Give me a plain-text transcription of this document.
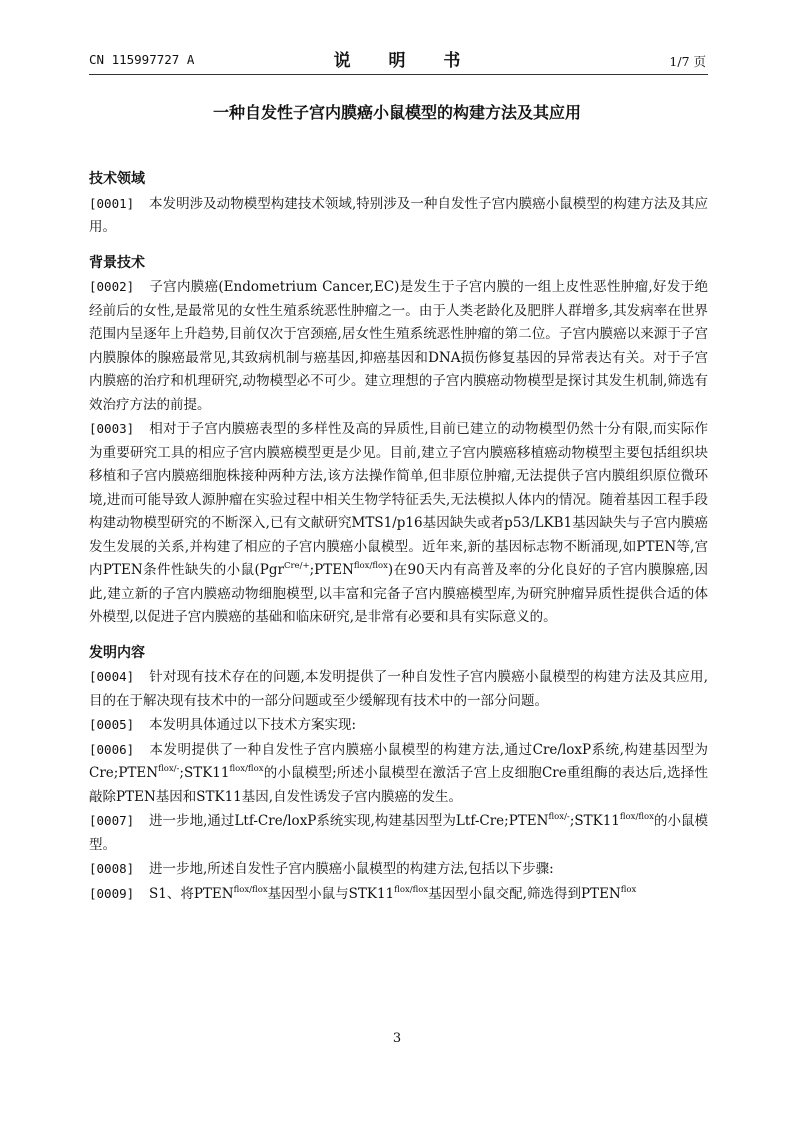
CN 115997727 A	说 明 书	1/7 页
一种自发性子宫内膜癌小鼠模型的构建方法及其应用

技术领域

[0001] 本发明涉及动物模型构建技术领域,特别涉及一种自发性子宫内膜癌小鼠模型的构建方法及其应用。

背景技术

[0002] 子宫内膜癌(Endometrium Cancer,EC)是发生于子宫内膜的一组上皮性恶性肿瘤,好发于绝经前后的女性,是最常见的女性生殖系统恶性肿瘤之一。由于人类老龄化及肥胖人群增多,其发病率在世界范围内呈逐年上升趋势,目前仅次于宫颈癌,居女性生殖系统恶性肿瘤的第二位。子宫内膜癌以来源于子宫内膜腺体的腺癌最常见,其致病机制与癌基因,抑癌基因和DNA损伤修复基因的异常表达有关。对于子宫内膜癌的治疗和机理研究,动物模型必不可少。建立理想的子宫内膜癌动物模型是探讨其发生机制,筛选有效治疗方法的前提。

[0003] 相对于子宫内膜癌表型的多样性及高的异质性,目前已建立的动物模型仍然十分有限,而实际作为重要研究工具的相应子宫内膜癌模型更是少见。目前,建立子宫内膜癌移植癌动物模型主要包括组织块移植和子宫内膜癌细胞株接种两种方法,该方法操作简单,但非原位肿瘤,无法提供子宫内膜组织原位微环境,进而可能导致人源肿瘤在实验过程中相关生物学特征丢失,无法模拟人体内的情况。随着基因工程手段构建动物模型研究的不断深入,已有文献研究MTS1/p16基因缺失或者p53/LKB1基因缺失与子宫内膜癌发生发展的关系,并构建了相应的子宫内膜癌小鼠模型。近年来,新的基因标志物不断涌现,如PTEN等,宫内PTEN条件性缺失的小鼠$(Pgr^{Cre/+};PTEN^{flox/flox})$在90天内有高普及率的分化良好的子宫内膜腺癌,因此,建立新的子宫内膜癌动物细胞模型,以丰富和完备子宫内膜癌模型库,为研究肿瘤异质性提供合适的体外模型,以促进子宫内膜癌的基础和临床研究,是非常有必要和具有实际意义的。

发明内容

[0004] 针对现有技术存在的问题,本发明提供了一种自发性子宫内膜癌小鼠模型的构建方法及其应用,目的在于解决现有技术中的一部分问题或至少缓解现有技术中的一部分问题。

[0005] 本发明具体通过以下技术方案实现:

[0006] 本发明提供了一种自发性子宫内膜癌小鼠模型的构建方法,通过Cre/loxP系统,构建基因型为$Cre;PTEN^{flox/-};STK11^{flox/flox}$的小鼠模型;所述小鼠模型在激活子宫上皮细胞Cre重组酶的表达后,选择性敲除PTEN基因和STK11基因,自发性诱发子宫内膜癌的发生。

[0007] 进一步地,通过Ltf-Cre/loxP系统实现,构建基因型为Ltf-$Cre;PTEN^{flox/-};STK11^{flox/flox}$的小鼠模型。

[0008] 进一步地,所述自发性子宫内膜癌小鼠模型的构建方法,包括以下步骤:

[0009] S1、将$PTEN^{flox/flox}$基因型小鼠与$STK11^{flox/flox}$基因型小鼠交配,筛选得到$PTEN^{flox}$

3
